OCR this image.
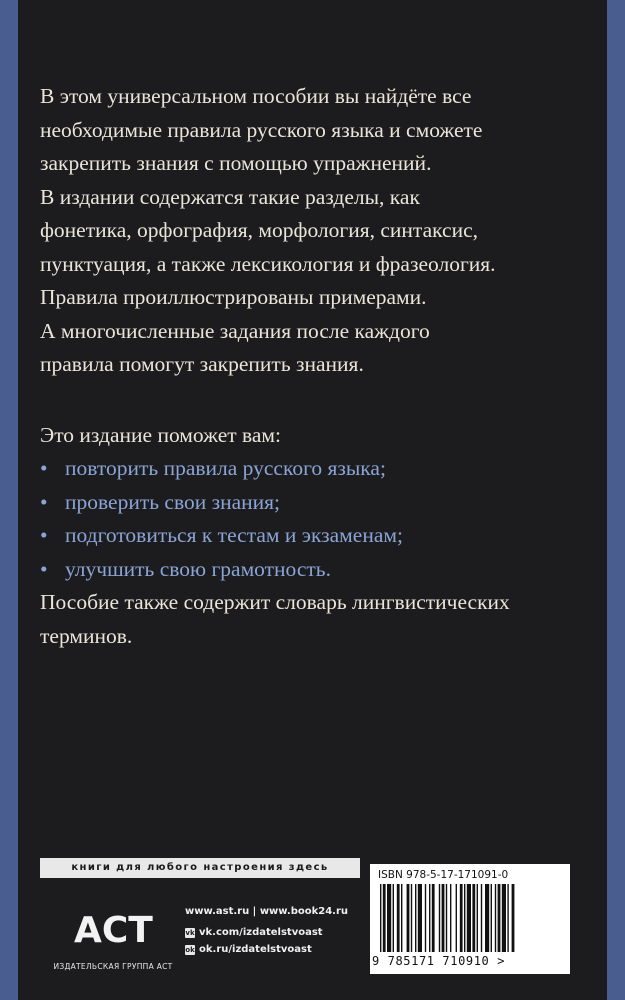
В этом универсальном пособии вы найдёте все
необходимые правила русского языка и сможете
закрепить знания с помощью упражнений.
В издании содержатся такие разделы, как
фонетика, орфография, морфология, синтаксис,
пунктуация, а также лексикология и фразеология.
Правила проиллюстрированы примерами.
А многочисленные задания после каждого
правила помогут закрепить знания.

Это издание поможет вам:
• повторить правила русского языка;
• проверить свои знания;
• подготовиться к тестам и экзаменам;
• улучшить свою грамотность.

Пособие также содержит словарь лингвистических
терминов.

книги для любого настроения здесь
ACT
ИЗДАТЕЛЬСКАЯ ГРУППА АСТ
www.ast.ru | www.book24.ru
vk vk.com/izdatelstvoast
ok ok.ru/izdatelstvoast
ISBN 978-5-17-171091-0
9 785171 710910 >
